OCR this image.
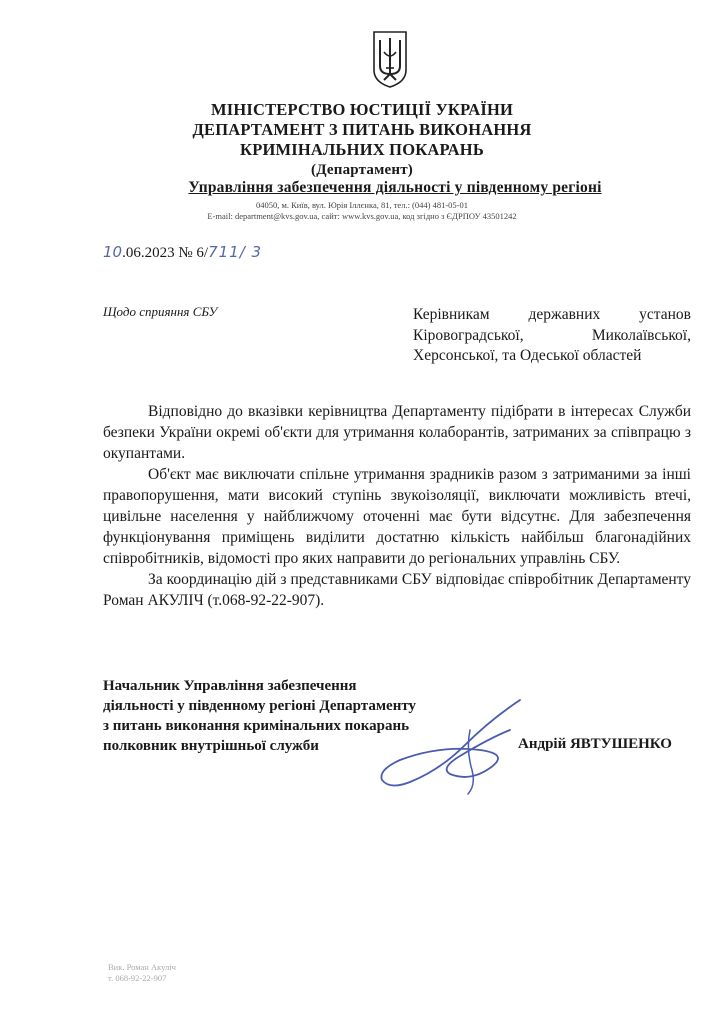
МІНІСТЕРСТВО ЮСТИЦІЇ УКРАЇНИ
ДЕПАРТАМЕНТ З ПИТАНЬ ВИКОНАННЯ
КРИМІНАЛЬНИХ ПОКАРАНЬ
(Департамент)
Управління забезпечення діяльності у південному регіоні
04050, м. Київ, вул. Юрія Іллєнка, 81, тел.: (044) 481-05-01
E-mail: department@kvs.gov.ua, сайт: www.kvs.gov.ua, код згідно з ЄДРПОУ 43501242
10.06.2023 № 6/711/ 3
Щодо сприяння СБУ	Керівникам державних установ
Кіровоградської, Миколаївської,
Херсонської, та Одеської областей

Відповідно до вказівки керівництва Департаменту підібрати в інтересах Служби безпеки України окремі об'єкти для утримання колаборантів, затриманих за співпрацю з окупантами.

Об'єкт має виключати спільне утримання зрадників разом з затриманими за інші правопорушення, мати високий ступінь звукоізоляції, виключати можливість втечі, цивільне населення у найближчому оточенні має бути відсутнє. Для забезпечення функціонування приміщень виділити достатню кількість найбільш благонадійних співробітників, відомості про яких направити до регіональних управлінь СБУ.

За координацію дій з представниками СБУ відповідає співробітник Департаменту Роман АКУЛІЧ (т.068-92-22-907).

Начальник Управління забезпечення
діяльності у південному регіоні Департаменту
з питань виконання кримінальних покарань
полковник внутрішньої служби	Андрій ЯВТУШЕНКО
Вик. Роман Акуліч
т. 068-92-22-907
